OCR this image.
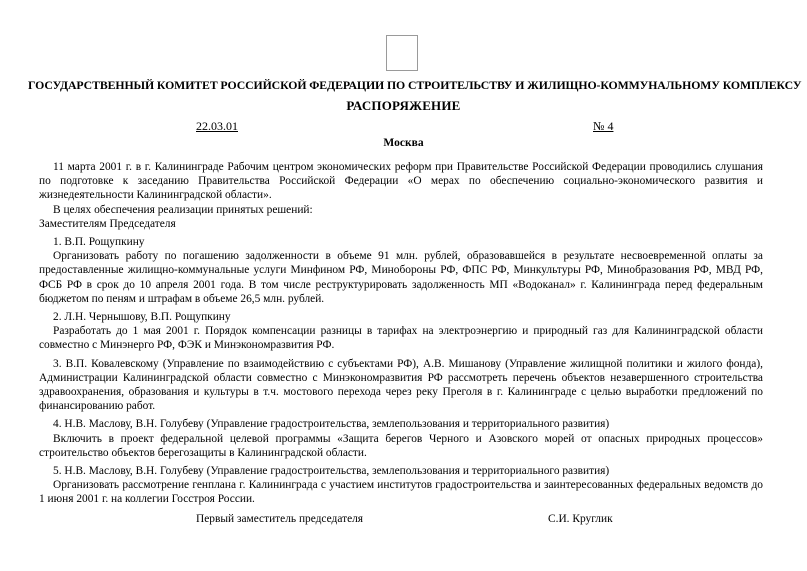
ГОСУДАРСТВЕННЫЙ КОМИТЕТ РОССИЙСКОЙ ФЕДЕРАЦИИ ПО СТРОИТЕЛЬСТВУ И ЖИЛИЩНО-КОММУНАЛЬНОМУ КОМПЛЕКСУ
РАСПОРЯЖЕНИЕ
22.03.01	№ 4
Москва

11 марта 2001 г. в г. Калининграде Рабочим центром экономических реформ при Правительстве Российской Федерации проводились слушания по подготовке к заседанию Правительства Российской Федерации «О мерах по обеспечению социально-экономического развития и жизнедеятельности Калининградской области».

В целях обеспечения реализации принятых решений:

Заместителям Председателя

1. В.П. Рощупкину

Организовать работу по погашению задолженности в объеме 91 млн. рублей, образовавшейся в результате несвоевременной оплаты за предоставленные жилищно-коммунальные услуги Минфином РФ, Минобороны РФ, ФПС РФ, Минкультуры РФ, Минобразования РФ, МВД РФ, ФСБ РФ в срок до 10 апреля 2001 года. В том числе реструктурировать задолженность МП «Водоканал» г. Калининграда перед федеральным бюджетом по пеням и штрафам в объеме 26,5 млн. рублей.

2. Л.Н. Чернышову, В.П. Рощупкину

Разработать до 1 мая 2001 г. Порядок компенсации разницы в тарифах на электроэнергию и природный газ для Калининградской области совместно с Минэнерго РФ, ФЭК и Минэкономразвития РФ.

3. В.П. Ковалевскому (Управление по взаимодействию с субъектами РФ), А.В. Мишанову (Управление жилищной политики и жилого фонда), Администрации Калининградской области совместно с Минэкономразвития РФ рассмотреть перечень объектов незавершенного строительства здравоохранения, образования и культуры в т.ч. мостового перехода через реку Преголя в г. Калининграде с целью выработки предложений по финансированию работ.

4. Н.В. Маслову, В.Н. Голубеву (Управление градостроительства, землепользования и территориального развития)

Включить в проект федеральной целевой программы «Защита берегов Черного и Азовского морей от опасных природных процессов» строительство объектов берегозащиты в Калининградской области.

5. Н.В. Маслову, В.Н. Голубеву (Управление градостроительства, землепользования и территориального развития)

Организовать рассмотрение генплана г. Калининграда с участием институтов градостроительства и заинтересованных федеральных ведомств до 1 июня 2001 г. на коллегии Госстроя России.

Первый заместитель председателя	С.И. Круглик
